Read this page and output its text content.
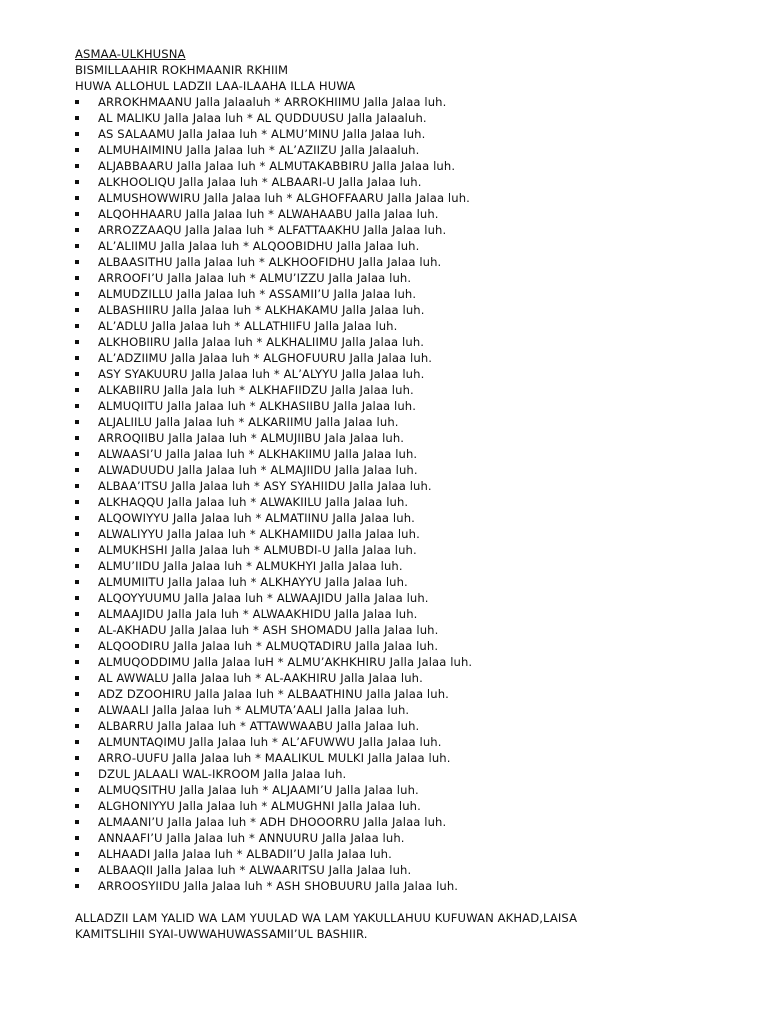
ASMAA-ULKHUSNA
BISMILLAAHIR ROKHMAANIR RKHIIM
HUWA ALLOHUL LADZII LAA-ILAAHA ILLA HUWA
ARROKHMAANU Jalla Jalaaluh * ARROKHIIMU Jalla Jalaa luh.
AL MALIKU Jalla Jalaa luh * AL QUDDUUSU Jalla Jalaaluh.
AS SALAAMU Jalla Jalaa luh * ALMU’MINU Jalla Jalaa luh.
ALMUHAIMINU Jalla Jalaa luh * AL’AZIIZU Jalla Jalaaluh.
ALJABBAARU Jalla Jalaa luh * ALMUTAKABBIRU Jalla Jalaa luh.
ALKHOOLIQU Jalla Jalaa luh * ALBAARI-U Jalla Jalaa luh.
ALMUSHOWWIRU Jalla Jalaa luh * ALGHOFFAARU Jalla Jalaa luh.
ALQOHHAARU Jalla Jalaa luh * ALWAHAABU Jalla Jalaa luh.
ARROZZAAQU Jalla Jalaa luh * ALFATTAAKHU Jalla Jalaa luh.
AL’ALIIMU Jalla Jalaa luh * ALQOOBIDHU Jalla Jalaa luh.
ALBAASITHU Jalla Jalaa luh * ALKHOOFIDHU Jalla Jalaa luh.
ARROOFI’U Jalla Jalaa luh * ALMU’IZZU Jalla Jalaa luh.
ALMUDZILLU Jalla Jalaa luh * ASSAMII’U Jalla Jalaa luh.
ALBASHIIRU Jalla Jalaa luh * ALKHAKAMU Jalla Jalaa luh.
AL’ADLU Jalla Jalaa luh * ALLATHIIFU Jalla Jalaa luh.
ALKHOBIIRU Jalla Jalaa luh * ALKHALIIMU Jalla Jalaa luh.
AL’ADZIIMU Jalla Jalaa luh * ALGHOFUURU Jalla Jalaa luh.
ASY SYAKUURU Jalla Jalaa luh * AL’ALYYU Jalla Jalaa luh.
ALKABIIRU Jalla Jala luh * ALKHAFIIDZU Jalla Jalaa luh.
ALMUQIITU Jalla Jalaa luh * ALKHASIIBU Jalla Jalaa luh.
ALJALIILU Jalla Jalaa luh * ALKARIIMU Jalla Jalaa luh.
ARROQIIBU Jalla Jalaa luh * ALMUJIIBU Jala Jalaa luh.
ALWAASI’U Jalla Jalaa luh * ALKHAKIIMU Jalla Jalaa luh.
ALWADUUDU Jalla Jalaa luh * ALMAJIIDU Jalla Jalaa luh.
ALBAA’ITSU Jalla Jalaa luh * ASY SYAHIIDU Jalla Jalaa luh.
ALKHAQQU Jalla Jalaa luh * ALWAKIILU Jalla Jalaa luh.
ALQOWIYYU Jalla Jalaa luh * ALMATIINU Jalla Jalaa luh.
ALWALIYYU Jalla Jalaa luh * ALKHAMIIDU Jalla Jalaa luh.
ALMUKHSHI Jalla Jalaa luh * ALMUBDI-U Jalla Jalaa luh.
ALMU’IIDU Jalla Jalaa luh * ALMUKHYI Jalla Jalaa luh.
ALMUMIITU Jalla Jalaa luh * ALKHAYYU Jalla Jalaa luh.
ALQOYYUUMU Jalla Jalaa luh * ALWAAJIDU Jalla Jalaa luh.
ALMAAJIDU Jalla Jala luh * ALWAAKHIDU Jalla Jalaa luh.
AL-AKHADU Jalla Jalaa luh * ASH SHOMADU Jalla Jalaa luh.
ALQOODIRU Jalla Jalaa luh * ALMUQTADIRU Jalla Jalaa luh.
ALMUQODDIMU Jalla Jalaa luH * ALMU’AKHKHIRU Jalla Jalaa luh.
AL AWWALU Jalla Jalaa luh * AL-AAKHIRU Jalla Jalaa luh.
ADZ DZOOHIRU Jalla Jalaa luh * ALBAATHINU Jalla Jalaa luh.
ALWAALI Jalla Jalaa luh * ALMUTA’AALI Jalla Jalaa luh.
ALBARRU Jalla Jalaa luh * ATTAWWAABU Jalla Jalaa luh.
ALMUNTAQIMU Jalla Jalaa luh * AL’AFUWWU Jalla Jalaa luh.
ARRO-UUFU Jalla Jalaa luh * MAALIKUL MULKI Jalla Jalaa luh.
DZUL JALAALI WAL-IKROOM Jalla Jalaa luh.
ALMUQSITHU Jalla Jalaa luh * ALJAAMI’U Jalla Jalaa luh.
ALGHONIYYU Jalla Jalaa luh * ALMUGHNI Jalla Jalaa luh.
ALMAANI’U Jalla Jalaa luh * ADH DHOOORRU Jalla Jalaa luh.
ANNAAFI’U Jalla Jalaa luh * ANNUURU Jalla Jalaa luh.
ALHAADI Jalla Jalaa luh * ALBADII’U Jalla Jalaa luh.
ALBAAQII Jalla Jalaa luh * ALWAARITSU Jalla Jalaa luh.
ARROOSYIIDU Jalla Jalaa luh * ASH SHOBUURU Jalla Jalaa luh.
ALLADZII LAM YALID WA LAM YUULAD WA LAM YAKULLAHUU KUFUWAN AKHAD,LAISA
KAMITSLIHII SYAI-UWWAHUWASSAMII’UL BASHIIR.
